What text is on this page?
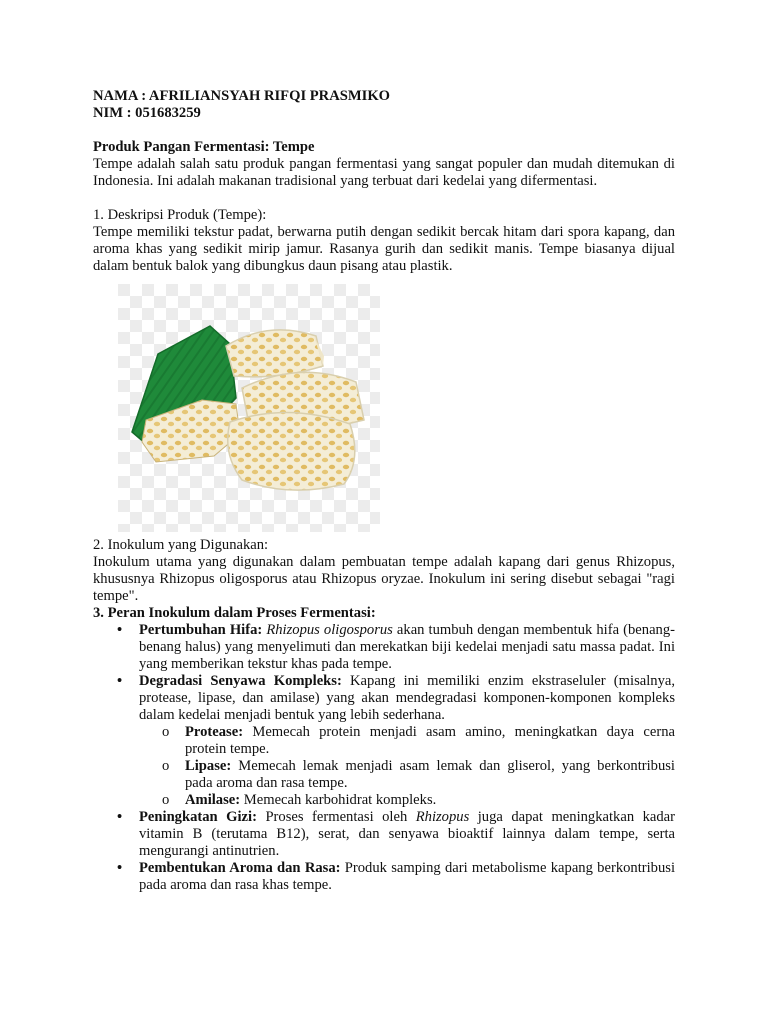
NAMA : AFRILIANSYAH RIFQI PRASMIKO

NIM : 051683259

Produk Pangan Fermentasi: Tempe

Tempe adalah salah satu produk pangan fermentasi yang sangat populer dan mudah ditemukan di Indonesia. Ini adalah makanan tradisional yang terbuat dari kedelai yang difermentasi.

1. Deskripsi Produk (Tempe):

Tempe memiliki tekstur padat, berwarna putih dengan sedikit bercak hitam dari spora kapang, dan aroma khas yang sedikit mirip jamur. Rasanya gurih dan sedikit manis. Tempe biasanya dijual dalam bentuk balok yang dibungkus daun pisang atau plastik.

2. Inokulum yang Digunakan:

Inokulum utama yang digunakan dalam pembuatan tempe adalah kapang dari genus Rhizopus, khususnya Rhizopus oligosporus atau Rhizopus oryzae. Inokulum ini sering disebut sebagai "ragi tempe".

3. Peran Inokulum dalam Proses Fermentasi:

• Pertumbuhan Hifa: Rhizopus oligosporus akan tumbuh dengan membentuk hifa (benang-benang halus) yang menyelimuti dan merekatkan biji kedelai menjadi satu massa padat. Ini yang memberikan tekstur khas pada tempe.
• Degradasi Senyawa Kompleks: Kapang ini memiliki enzim ekstraseluler (misalnya, protease, lipase, dan amilase) yang akan mendegradasi komponen-komponen kompleks dalam kedelai menjadi bentuk yang lebih sederhana.
o Protease: Memecah protein menjadi asam amino, meningkatkan daya cerna protein tempe.
o Lipase: Memecah lemak menjadi asam lemak dan gliserol, yang berkontribusi pada aroma dan rasa tempe.
o Amilase: Memecah karbohidrat kompleks.
• Peningkatan Gizi: Proses fermentasi oleh Rhizopus juga dapat meningkatkan kadar vitamin B (terutama B12), serat, dan senyawa bioaktif lainnya dalam tempe, serta mengurangi antinutrien.
• Pembentukan Aroma dan Rasa: Produk samping dari metabolisme kapang berkontribusi pada aroma dan rasa khas tempe.
